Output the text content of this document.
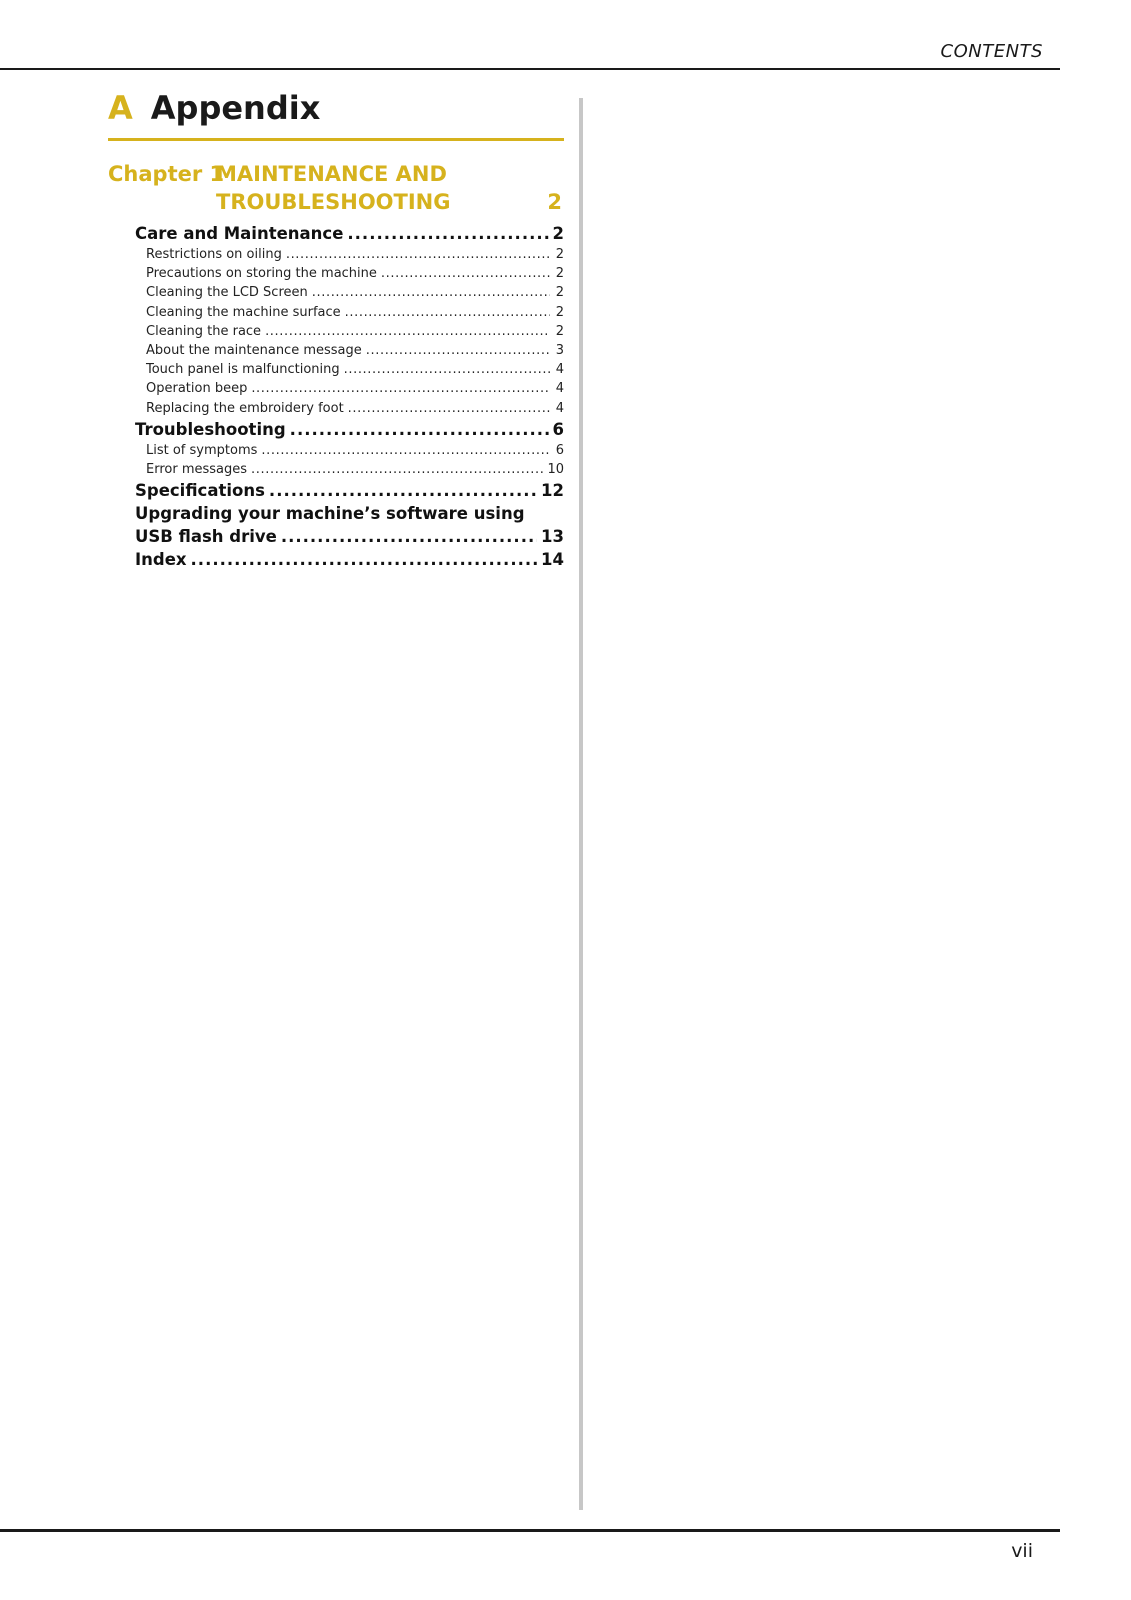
CONTENTS
A Appendix
Chapter 1
MAINTENANCE AND
TROUBLESHOOTING	2
Care and Maintenance .....	2
Restrictions on oiling .....	2
Precautions on storing the machine .....	2
Cleaning the LCD Screen .....	2
Cleaning the machine surface .....	2
Cleaning the race .....	2
About the maintenance message .....	3
Touch panel is malfunctioning .....	4
Operation beep .....	4
Replacing the embroidery foot .....	4
Troubleshooting .....	6
List of symptoms .....	6
Error messages .....	10
Specifications .....	12
Upgrading your machine’s software using
USB flash drive .....	13
Index .....	14
vii
